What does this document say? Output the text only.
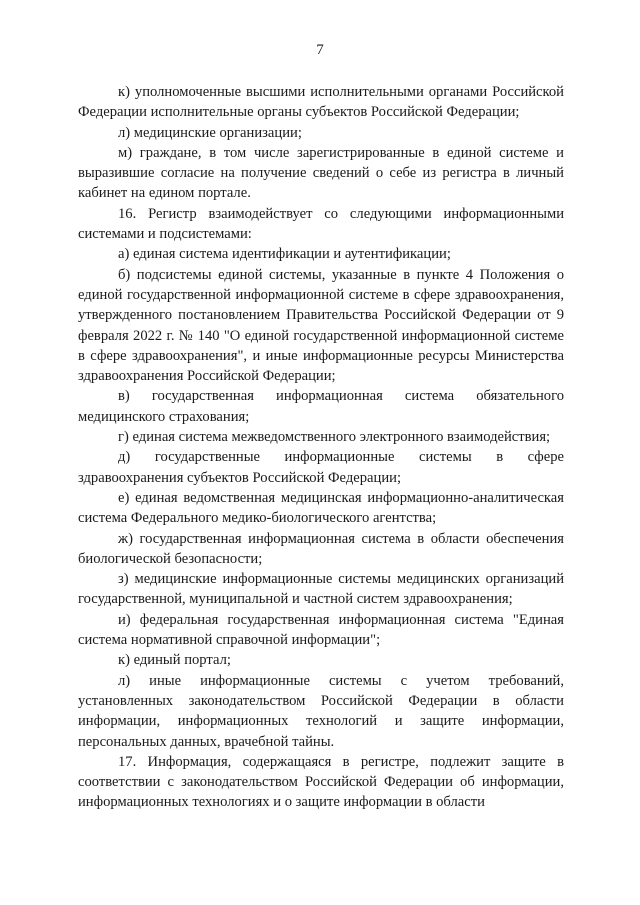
7

к) уполномоченные высшими исполнительными органами Российской Федерации исполнительные органы субъектов Российской Федерации;

л) медицинские организации;

м) граждане, в том числе зарегистрированные в единой системе и выразившие согласие на получение сведений о себе из регистра в личный кабинет на едином портале.

16. Регистр взаимодействует со следующими информационными системами и подсистемами:

а) единая система идентификации и аутентификации;

б) подсистемы единой системы, указанные в пункте 4 Положения о единой государственной информационной системе в сфере здравоохранения, утвержденного постановлением Правительства Российской Федерации от 9 февраля 2022 г. № 140 "О единой государственной информационной системе в сфере здравоохранения", и иные информационные ресурсы Министерства здравоохранения Российской Федерации;

в) государственная информационная система обязательного медицинского страхования;

г) единая система межведомственного электронного взаимодействия;

д) государственные информационные системы в сфере здравоохранения субъектов Российской Федерации;

е) единая ведомственная медицинская информационно-аналитическая система Федерального медико-биологического агентства;

ж) государственная информационная система в области обеспечения биологической безопасности;

з) медицинские информационные системы медицинских организаций государственной, муниципальной и частной систем здравоохранения;

и) федеральная государственная информационная система "Единая система нормативной справочной информации";

к) единый портал;

л) иные информационные системы с учетом требований, установленных законодательством Российской Федерации в области информации, информационных технологий и защите информации, персональных данных, врачебной тайны.

17. Информация, содержащаяся в регистре, подлежит защите в соответствии с законодательством Российской Федерации об информации, информационных технологиях и о защите информации в области
